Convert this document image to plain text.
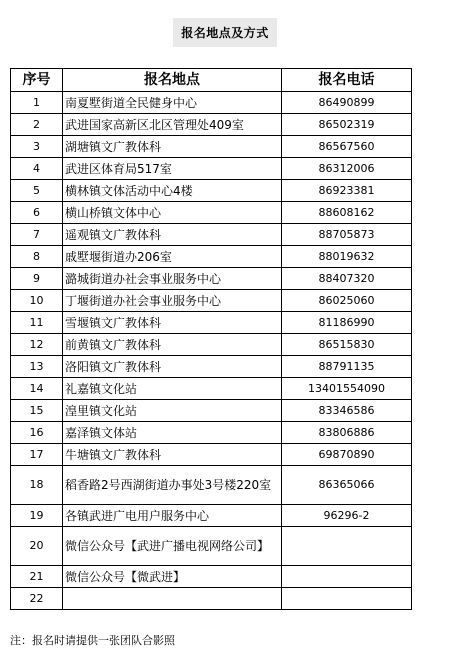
报名地点及方式
序号	报名地点	报名电话
1	南夏墅街道全民健身中心	86490899
2	武进国家高新区北区管理处409室	86502319
3	湖塘镇文广教体科	86567560
4	武进区体育局517室	86312006
5	横林镇文体活动中心4楼	86923381
6	横山桥镇文体中心	88608162
7	遥观镇文广教体科	88705873
8	戚墅堰街道办206室	88019632
9	潞城街道办社会事业服务中心	88407320
10	丁堰街道办社会事业服务中心	86025060
11	雪堰镇文广教体科	81186990
12	前黄镇文广教体科	86515830
13	洛阳镇文广教体科	88791135
14	礼嘉镇文化站	13401554090
15	湟里镇文化站	83346586
16	嘉泽镇文体站	83806886
17	牛塘镇文广教体科	69870890
18	稻香路2号西湖街道办事处3号楼220室	86365066
19	各镇武进广电用户服务中心	96296-2
20	微信公众号【武进广播电视网络公司】	
21	微信公众号【微武进】	
22		
注：报名时请提供一张团队合影照
